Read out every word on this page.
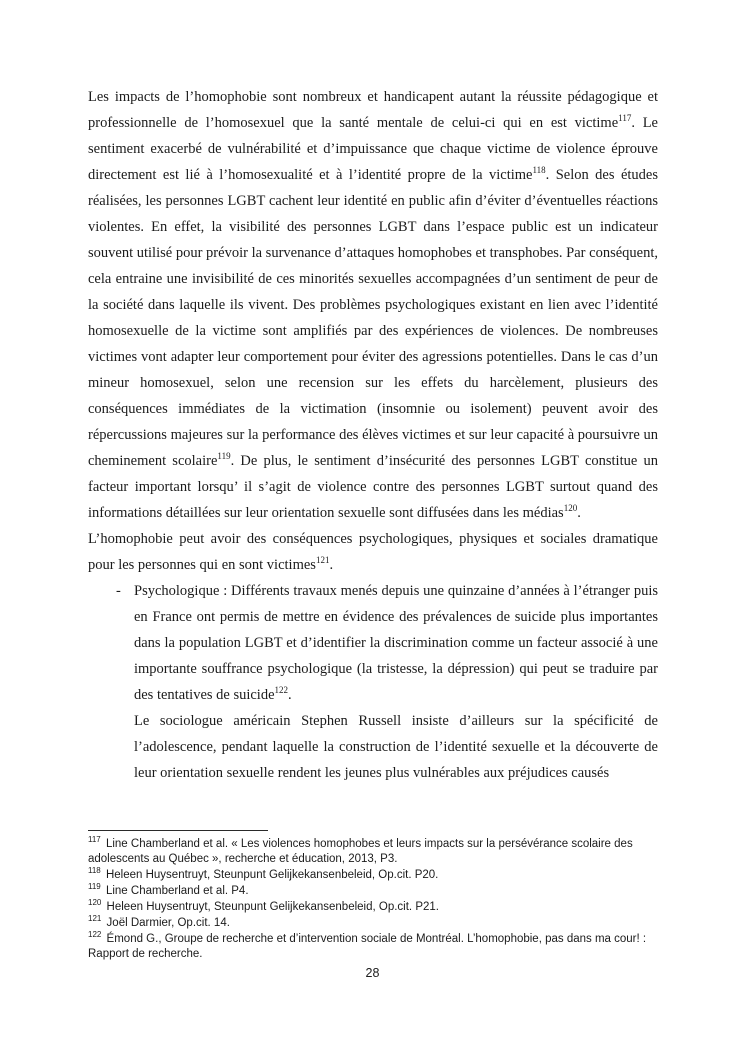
Les impacts de l’homophobie sont nombreux et handicapent autant la réussite pédagogique et professionnelle de l’homosexuel que la santé mentale de celui-ci qui en est victime$^{117}$. Le sentiment exacerbé de vulnérabilité et d’impuissance que chaque victime de violence éprouve directement est lié à l’homosexualité et à l’identité propre de la victime$^{118}$. Selon des études réalisées, les personnes LGBT cachent leur identité en public afin d’éviter d’éventuelles réactions violentes. En effet, la visibilité des personnes LGBT dans l’espace public est un indicateur souvent utilisé pour prévoir la survenance d’attaques homophobes et transphobes. Par conséquent, cela entraine une invisibilité de ces minorités sexuelles accompagnées d’un sentiment de peur de la société dans laquelle ils vivent. Des problèmes psychologiques existant en lien avec l’identité homosexuelle de la victime sont amplifiés par des expériences de violences. De nombreuses victimes vont adapter leur comportement pour éviter des agressions potentielles. Dans le cas d’un mineur homosexuel, selon une recension sur les effets du harcèlement, plusieurs des conséquences immédiates de la victimation (insomnie ou isolement) peuvent avoir des répercussions majeures sur la performance des élèves victimes et sur leur capacité à poursuivre un cheminement scolaire$^{119}$. De plus, le sentiment d’insécurité des personnes LGBT constitue un facteur important lorsqu’ il s’agit de violence contre des personnes LGBT surtout quand des informations détaillées sur leur orientation sexuelle sont diffusées dans les médias$^{120}$.
L’homophobie peut avoir des conséquences psychologiques, physiques et sociales dramatique pour les personnes qui en sont victimes$^{121}$.
- Psychologique : Différents travaux menés depuis une quinzaine d’années à l’étranger puis en France ont permis de mettre en évidence des prévalences de suicide plus importantes dans la population LGBT et d’identifier la discrimination comme un facteur associé à une importante souffrance psychologique (la tristesse, la dépression) qui peut se traduire par des tentatives de suicide$^{122}$.
Le sociologue américain Stephen Russell insiste d’ailleurs sur la spécificité de l’adolescence, pendant laquelle la construction de l’identité sexuelle et la découverte de leur orientation sexuelle rendent les jeunes plus vulnérables aux préjudices causés
$^{117}$ Line Chamberland et al. « Les violences homophobes et leurs impacts sur la persévérance scolaire des adolescents au Québec », recherche et éducation, 2013, P3.
$^{118}$ Heleen Huysentruyt, Steunpunt Gelijkekansenbeleid, Op.cit. P20.
$^{119}$ Line Chamberland et al. P4.
$^{120}$ Heleen Huysentruyt, Steunpunt Gelijkekansenbeleid, Op.cit. P21.
$^{121}$ Joël Darmier, Op.cit. 14.
$^{122}$ Émond G., Groupe de recherche et d’intervention sociale de Montréal. L’homophobie, pas dans ma cour! : Rapport de recherche.
28
